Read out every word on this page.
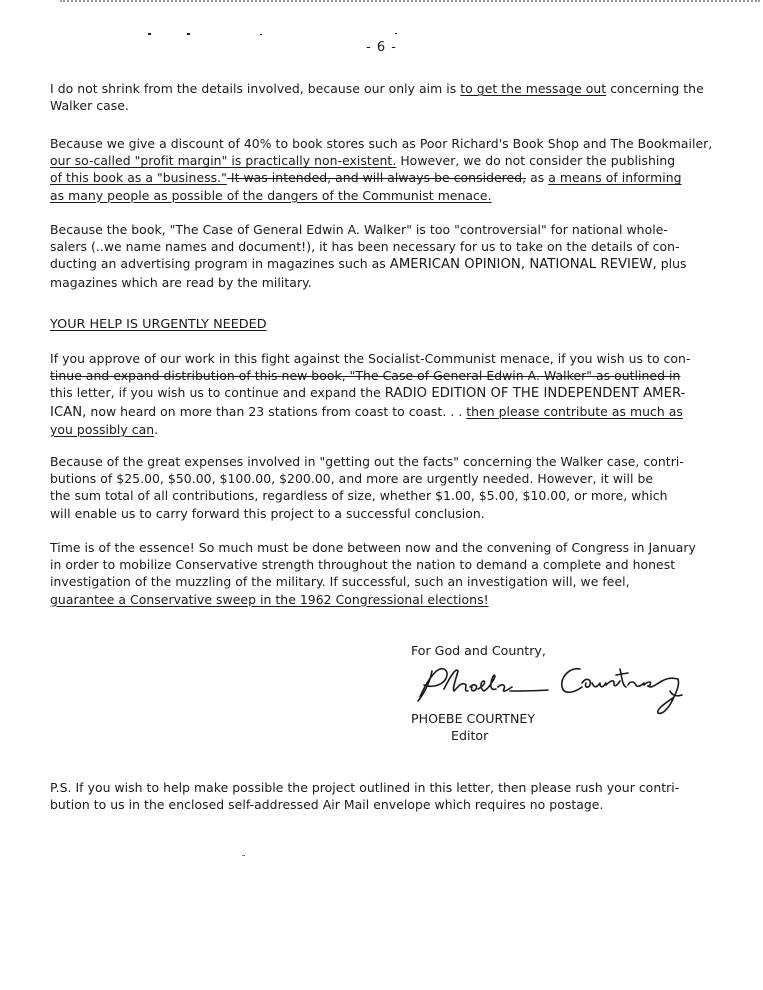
- 6 -
I do not shrink from the details involved, because our only aim is to get the message out concerning the
Walker case.
Because we give a discount of 40% to book stores such as Poor Richard's Book Shop and The Bookmailer,
our so-called "profit margin" is practically non-existent. However, we do not consider the publishing
of this book as a "business." It was intended, and will always be considered, as a means of informing
as many people as possible of the dangers of the Communist menace.
Because the book, "The Case of General Edwin A. Walker" is too "controversial" for national whole-
salers (..we name names and document!), it has been necessary for us to take on the details of con-
ducting an advertising program in magazines such as AMERICAN OPINION, NATIONAL REVIEW, plus
magazines which are read by the military.
YOUR HELP IS URGENTLY NEEDED
If you approve of our work in this fight against the Socialist-Communist menace, if you wish us to con-
tinue and expand distribution of this new book, "The Case of General Edwin A. Walker" as outlined in
this letter, if you wish us to continue and expand the RADIO EDITION OF THE INDEPENDENT AMER-
ICAN, now heard on more than 23 stations from coast to coast. . . then please contribute as much as
you possibly can.
Because of the great expenses involved in "getting out the facts" concerning the Walker case, contri-
butions of $25.00, $50.00, $100.00, $200.00, and more are urgently needed. However, it will be
the sum total of all contributions, regardless of size, whether $1.00, $5.00, $10.00, or more, which
will enable us to carry forward this project to a successful conclusion.
Time is of the essence! So much must be done between now and the convening of Congress in January
in order to mobilize Conservative strength throughout the nation to demand a complete and honest
investigation of the muzzling of the military. If successful, such an investigation will, we feel,
guarantee a Conservative sweep in the 1962 Congressional elections!
For God and Country,
PHOEBE COURTNEY
Editor
P.S. If you wish to help make possible the project outlined in this letter, then please rush your contri-
bution to us in the enclosed self-addressed Air Mail envelope which requires no postage.
